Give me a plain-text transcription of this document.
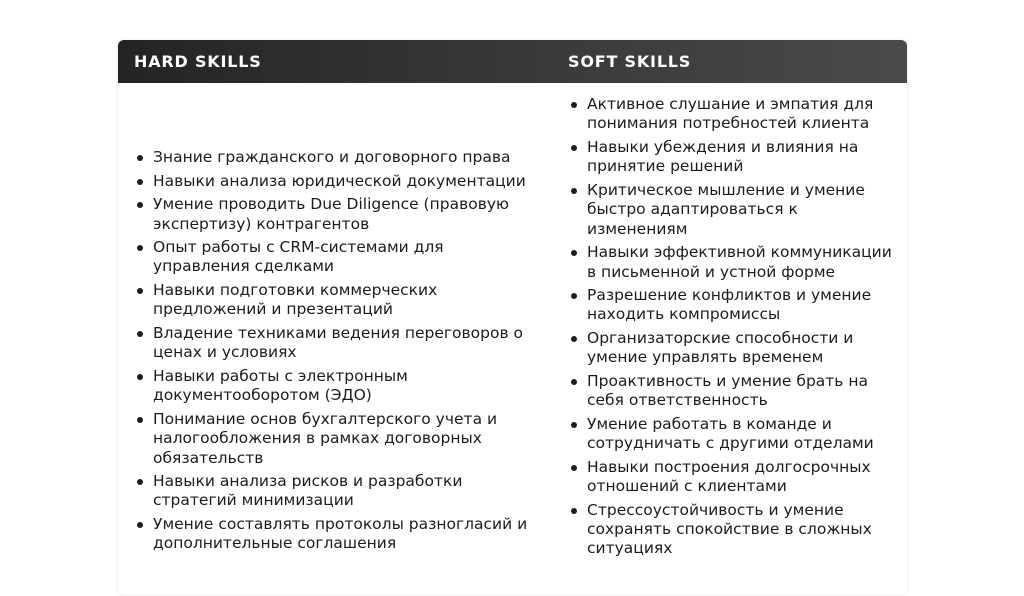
HARD SKILLS	SOFT SKILLS
Знание гражданского и договорного права
Навыки анализа юридической документации
Умение проводить Due Diligence (правовую экспертизу) контрагентов
Опыт работы с CRM-системами для управления сделками
Навыки подготовки коммерческих предложений и презентаций
Владение техниками ведения переговоров о ценах и условиях
Навыки работы с электронным документооборотом (ЭДО)
Понимание основ бухгалтерского учета и налогообложения в рамках договорных обязательств
Навыки анализа рисков и разработки стратегий минимизации
Умение составлять протоколы разногласий и дополнительные соглашения
Активное слушание и эмпатия для понимания потребностей клиента
Навыки убеждения и влияния на принятие решений
Критическое мышление и умение быстро адаптироваться к изменениям
Навыки эффективной коммуникации в письменной и устной форме
Разрешение конфликтов и умение находить компромиссы
Организаторские способности и умение управлять временем
Проактивность и умение брать на себя ответственность
Умение работать в команде и сотрудничать с другими отделами
Навыки построения долгосрочных отношений с клиентами
Стрессоустойчивость и умение сохранять спокойствие в сложных ситуациях
